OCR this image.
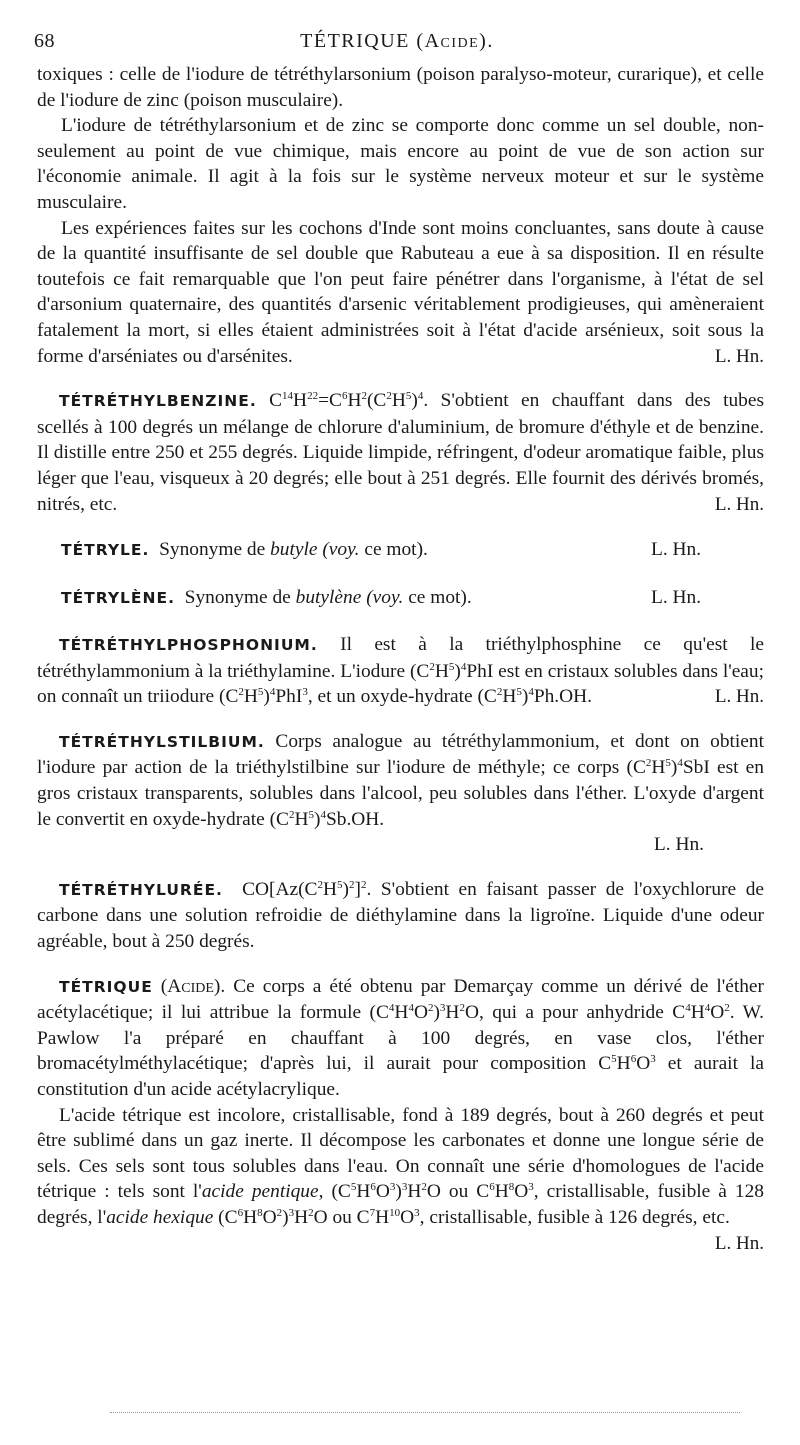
68	TÉTRIQUE (Acide).

toxiques : celle de l'iodure de tétréthylarsonium (poison paralyso-moteur, curarique), et celle de l'iodure de zinc (poison musculaire).

L'iodure de tétréthylarsonium et de zinc se comporte donc comme un sel double, non-seulement au point de vue chimique, mais encore au point de vue de son action sur l'économie animale. Il agit à la fois sur le système nerveux moteur et sur le système musculaire.

Les expériences faites sur les cochons d'Inde sont moins concluantes, sans doute à cause de la quantité insuffisante de sel double que Rabuteau a eue à sa disposition. Il en résulte toutefois ce fait remarquable que l'on peut faire pénétrer dans l'organisme, à l'état de sel d'arsonium quaternaire, des quantités d'arsenic véritablement prodigieuses, qui amèneraient fatalement la mort, si elles étaient administrées soit à l'état d'acide arsénieux, soit sous la forme d'arséniates ou d'arsénites.	L. Hn.

TÉTRÉTHYLBENZINE. $C^{14}H^{22}=C^6H^2(C^2H^5)^4$. S'obtient en chauffant dans des tubes scellés à 100 degrés un mélange de chlorure d'aluminium, de bromure d'éthyle et de benzine. Il distille entre 250 et 255 degrés. Liquide limpide, réfringent, d'odeur aromatique faible, plus léger que l'eau, visqueux à 20 degrés; elle bout à 251 degrés. Elle fournit des dérivés bromés, nitrés, etc.	L. Hn.

TÉTRYLE. Synonyme de butyle (voy. ce mot).	L. Hn.
TÉTRYLÈNE. Synonyme de butylène (voy. ce mot).	L. Hn.

TÉTRÉTHYLPHOSPHONIUM. Il est à la triéthylphosphine ce qu'est le tétréthylammonium à la triéthylamine. L'iodure $(C^2H^5)^4PhI$ est en cristaux solubles dans l'eau; on connaît un triiodure $(C^2H^5)^4PhI^3$, et un oxyde-hydrate $(C^2H^5)^4Ph.OH$.	L. Hn.

TÉTRÉTHYLSTILBIUM. Corps analogue au tétréthylammonium, et dont on obtient l'iodure par action de la triéthylstilbine sur l'iodure de méthyle; ce corps $(C^2H^5)^4SbI$ est en gros cristaux transparents, solubles dans l'alcool, peu solubles dans l'éther. L'oxyde d'argent le convertit en oxyde-hydrate $(C^2H^5)^4Sb.OH$.

L. Hn.

TÉTRÉTHYLURÉE. $CO[Az(C^2H^5)^2]^2$. S'obtient en faisant passer de l'oxychlorure de carbone dans une solution refroidie de diéthylamine dans la ligroïne. Liquide d'une odeur agréable, bout à 250 degrés.

TÉTRIQUE (Acide). Ce corps a été obtenu par Demarçay comme un dérivé de l'éther acétylacétique; il lui attribue la formule $(C^4H^4O^2)^3H^2O$, qui a pour anhydride $C^4H^4O^2$. W. Pawlow l'a préparé en chauffant à 100 degrés, en vase clos, l'éther bromacétylméthylacétique; d'après lui, il aurait pour composition $C^5H^6O^3$ et aurait la constitution d'un acide acétylacrylique.

L'acide tétrique est incolore, cristallisable, fond à 189 degrés, bout à 260 degrés et peut être sublimé dans un gaz inerte. Il décompose les carbonates et donne une longue série de sels. Ces sels sont tous solubles dans l'eau. On connaît une série d'homologues de l'acide tétrique : tels sont l'acide pentique, $(C^5H^6O^3)^3H^2O$ ou $C^6H^8O^3$, cristallisable, fusible à 128 degrés, l'acide hexique $(C^6H^8O^2)^3H^2O$ ou $C^7H^{10}O^3$, cristallisable, fusible à 126 degrés, etc.
L. Hn.
